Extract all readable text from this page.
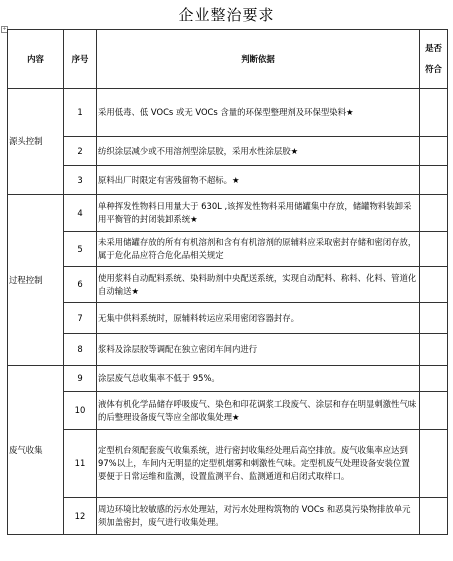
企业整治要求
+
内容	序号	判断依据	是否符合
源头控制	1	采用低毒、低 VOCs 或无 VOCs 含量的环保型整理剂及环保型染料★	
	2	纺织涂层减少或不用溶剂型涂层胶，采用水性涂层胶★	
	3	原料出厂时限定有害残留物不超标。★	
过程控制	4	单种挥发性物料日用量大于 630L ,该挥发性物料采用储罐集中存放，储罐物料装卸采用平衡管的封闭装卸系统★	
	5	未采用储罐存放的所有有机溶剂和含有有机溶剂的原辅料应采取密封存储和密闭存放，属于危化品应符合危化品相关规定	
	6	使用浆料自动配料系统、染料助剂中央配送系统，实现自动配料、称料、化料、管道化自动输送★	
	7	无集中供料系统时，原辅料转运应采用密闭容器封存。	
	8	浆料及涂层胶等调配在独立密闭车间内进行	
废气收集	9	涂层废气总收集率不低于 95%。	
	10	液体有机化学品储存呼吸废气、染色和印花调浆工段废气、涂层和存在明显刺激性气味的后整理设备废气等应全部收集处理★	
	11	定型机台须配套废气收集系统，进行密封收集经处理后高空排放。废气收集率应达到 97%以上，车间内无明显的定型机烟雾和刺激性气味。定型机废气处理设备安装位置要便于日常运维和监测，设置监测平台、监测通道和启闭式取样口。	
	12	周边环境比较敏感的污水处理站，对污水处理构筑物的 VOCs 和恶臭污染物排放单元须加盖密封，废气进行收集处理。	
